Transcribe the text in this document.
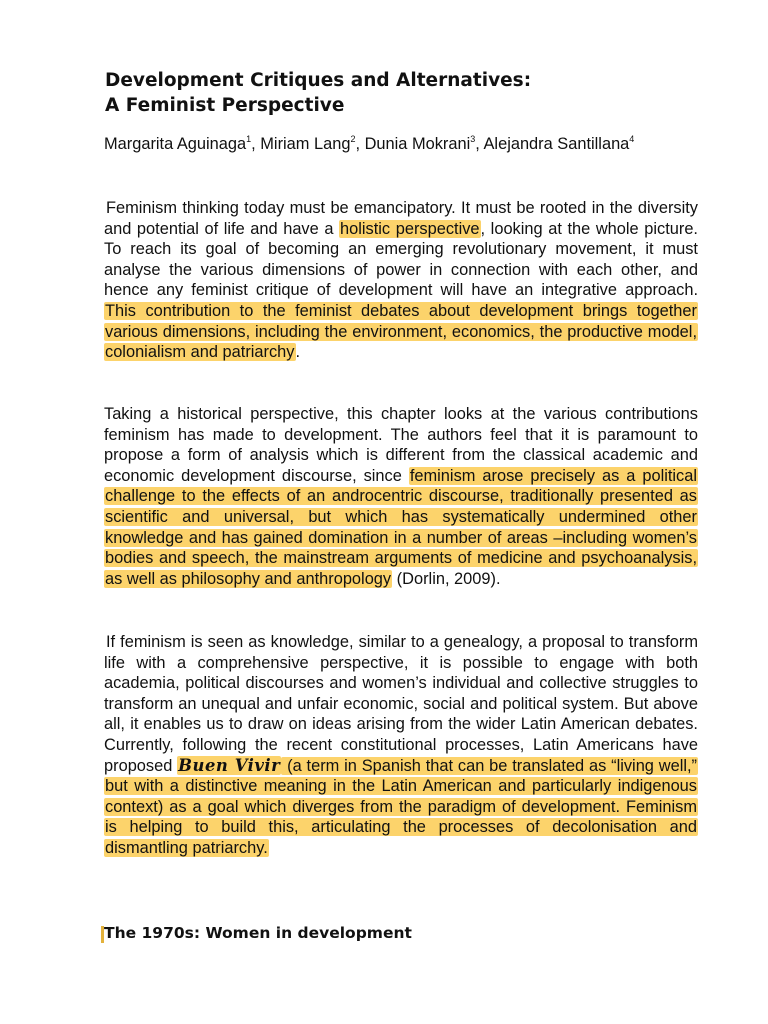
Development Critiques and Alternatives:
A Feminist Perspective

Margarita Aguinaga$^1$, Miriam Lang$^2$, Dunia Mokrani$^3$, Alejandra Santillana$^4$

Feminism thinking today must be emancipatory. It must be rooted in the diversity and potential of life and have a holistic perspective, looking at the whole picture. To reach its goal of becoming an emerging revolutionary movement, it must analyse the various dimensions of power in connection with each other, and hence any feminist critique of development will have an integrative approach. This contribution to the feminist debates about development brings together various dimensions, including the environment, economics, the productive model, colonialism and patriarchy.

Taking a historical perspective, this chapter looks at the various contributions feminism has made to development. The authors feel that it is paramount to propose a form of analysis which is different from the classical academic and economic development discourse, since feminism arose precisely as a political challenge to the effects of an androcentric discourse, traditionally presented as scientific and universal, but which has systematically undermined other knowledge and has gained domination in a number of areas –including women’s bodies and speech, the mainstream arguments of medicine and psychoanalysis, as well as philosophy and anthropology (Dorlin, 2009).

If feminism is seen as knowledge, similar to a genealogy, a proposal to transform life with a comprehensive perspective, it is possible to engage with both academia, political discourses and women’s individual and collective struggles to transform an unequal and unfair economic, social and political system. But above all, it enables us to draw on ideas arising from the wider Latin American debates. Currently, following the recent constitutional processes, Latin Americans have proposed Buen Vivir (a term in Spanish that can be translated as “living well,” but with a distinctive meaning in the Latin American and particularly indigenous context) as a goal which diverges from the paradigm of development. Feminism is helping to build this, articulating the processes of decolonisation and dismantling patriarchy.

The 1970s: Women in development
